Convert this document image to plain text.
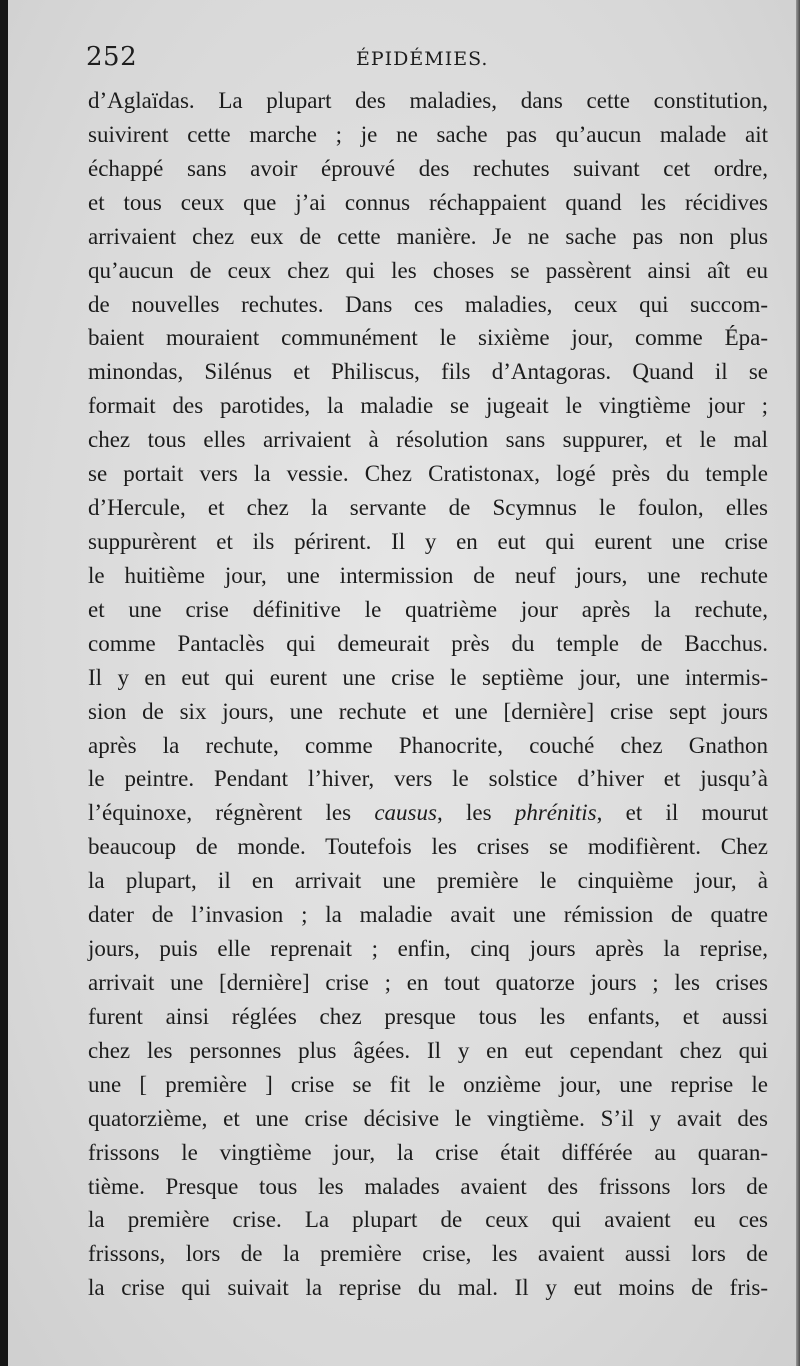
252	ÉPIDÉMIES.
d’Aglaïdas. La plupart des maladies, dans cette constitution,
suivirent cette marche ; je ne sache pas qu’aucun malade ait
échappé sans avoir éprouvé des rechutes suivant cet ordre,
et tous ceux que j’ai connus réchappaient quand les récidives
arrivaient chez eux de cette manière. Je ne sache pas non plus
qu’aucun de ceux chez qui les choses se passèrent ainsi aît eu
de nouvelles rechutes. Dans ces maladies, ceux qui succom-
baient mouraient communément le sixième jour, comme Épa-
minondas, Silénus et Philiscus, fils d’Antagoras. Quand il se
formait des parotides, la maladie se jugeait le vingtième jour ;
chez tous elles arrivaient à résolution sans suppurer, et le mal
se portait vers la vessie. Chez Cratistonax, logé près du temple
d’Hercule, et chez la servante de Scymnus le foulon, elles
suppurèrent et ils périrent. Il y en eut qui eurent une crise
le huitième jour, une intermission de neuf jours, une rechute
et une crise définitive le quatrième jour après la rechute,
comme Pantaclès qui demeurait près du temple de Bacchus.
Il y en eut qui eurent une crise le septième jour, une intermis-
sion de six jours, une rechute et une [dernière] crise sept jours
après la rechute, comme Phanocrite, couché chez Gnathon
le peintre. Pendant l’hiver, vers le solstice d’hiver et jusqu’à
l’équinoxe, régnèrent les causus, les phrénitis, et il mourut
beaucoup de monde. Toutefois les crises se modifièrent. Chez
la plupart, il en arrivait une première le cinquième jour, à
dater de l’invasion ; la maladie avait une rémission de quatre
jours, puis elle reprenait ; enfin, cinq jours après la reprise,
arrivait une [dernière] crise ; en tout quatorze jours ; les crises
furent ainsi réglées chez presque tous les enfants, et aussi
chez les personnes plus âgées. Il y en eut cependant chez qui
une [ première ] crise se fit le onzième jour, une reprise le
quatorzième, et une crise décisive le vingtième. S’il y avait des
frissons le vingtième jour, la crise était différée au quaran-
tième. Presque tous les malades avaient des frissons lors de
la première crise. La plupart de ceux qui avaient eu ces
frissons, lors de la première crise, les avaient aussi lors de
la crise qui suivait la reprise du mal. Il y eut moins de fris-
